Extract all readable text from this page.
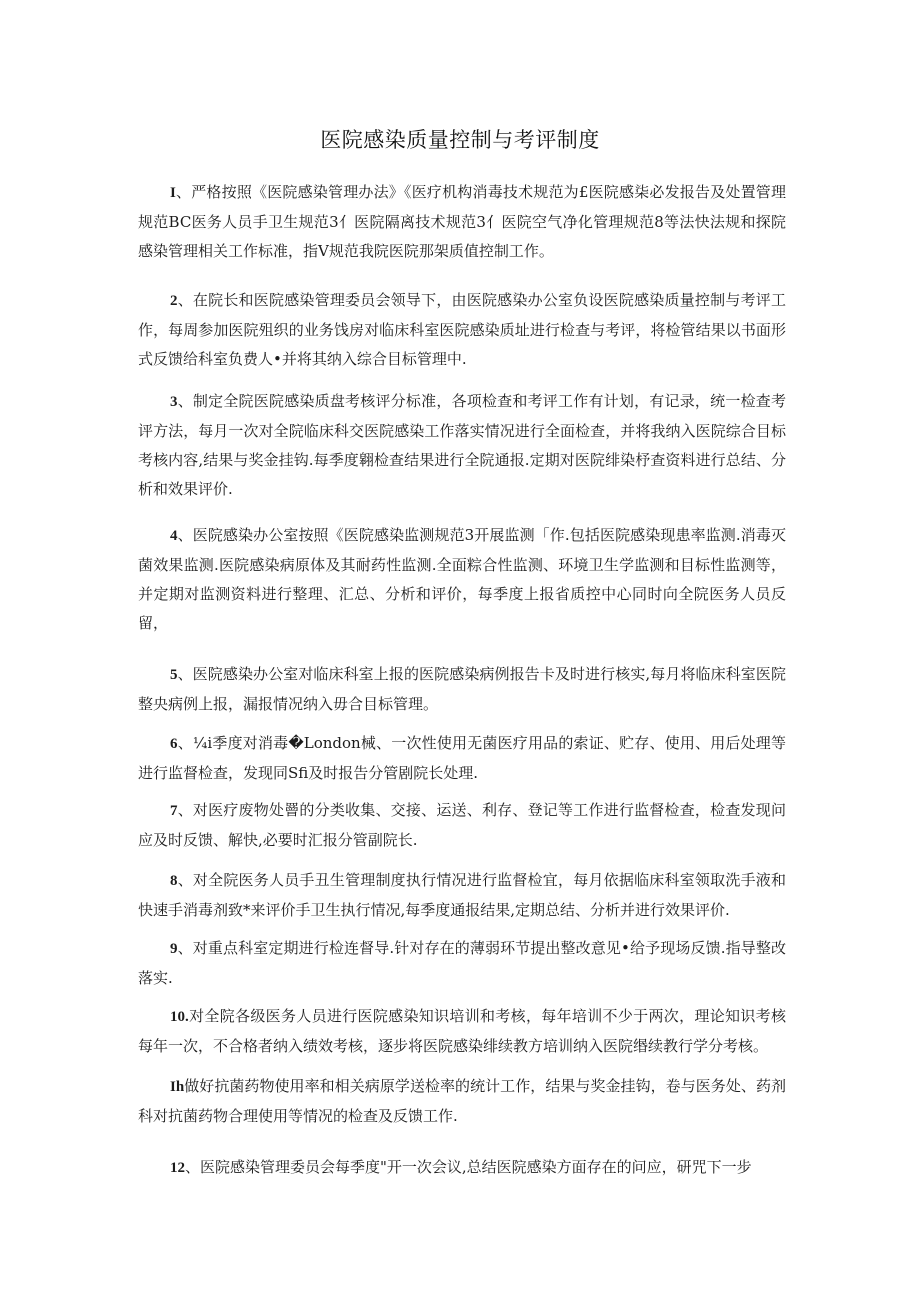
医院感染质量控制与考评制度

I、严格按照《医院感染管理办法》《医疗机构消毒技术规范为£医院感柒必发报告及处置管理规范BC医务人员手卫生规范3亻医院隔离技术规范3亻医院空气净化管理规范8等法快法规和探院感染管理相关工作标准，指V规范我院医院那架质值控制工作。

2、在院长和医院感染管理委员会领导下，由医院感染办公室负设医院感染质量控制与考评工作，每周参加医院殂织的业务饯房对临床科室医院感染质址进行检查与考评，将检管结果以书面形式反馈给科室负费人•并将其纳入综合目标管理中.

3、制定全院医院感染质盘考核评分标准，各项检查和考评工作有计划，有记录，统一检查考评方法，每月一次对全院临床科交医院感染工作落实情况进行全面检查，并将我纳入医院综合目标考核内容,结果与奖金挂钩.每季度翱检查结果进行全院通报.定期对医院绯染杼查资料进行总结、分析和效果评价.

4、医院感染办公室按照《医院感染监测规范3开展监测「作.包括医院感染现患率监测.消毒灭菌效果监测.医院感染病原体及其耐药性监测.全面粽合性监测、环境卫生学监测和目标性监测等，并定期对监测资料进行整理、汇总、分析和评价，每季度上报省质控中心同时向全院医务人员反留，

5、医院感染办公室对临床科室上报的医院感染病例报告卡及时进行核实,每月将临床科室医院整央病例上报，漏报情况纳入毋合目标管理。

6、¼i季度对消毒�London械、一次性使用无菌医疗用品的索证、贮存、使用、用后处理等进行监督检查，发现同Sfi及时报告分管剧院长处理.

7、对医疗废物处罾的分类收集、交接、运送、利存、登记等工作进行监督检查，检查发现问应及时反馈、解快,必要时汇报分管副院长.

8、对全院医务人员手丑生管理制度执行情况进行监督检宜，每月依据临床科室领取洗手液和快速手消毒剂致*来评价手卫生执行情况,每季度通报结果,定期总结、分析并进行效果评价.

9、对重点科室定期进行检连督导.针对存在的薄弱环节提出整改意见•给予现场反馈.指导整改落实.

10.对全院各级医务人员进行医院感染知识培训和考核，每年培训不少于两次，理论知识考核每年一次，不合格者纳入绩效考核，逐步将医院感染绯续教方培训纳入医院缗续教行学分考核。

Ih做好抗菌药物使用率和相关病原学送检率的统计工作，结果与奖金挂钩，卷与医务处、药剂科对抗菌药物合理使用等情况的检查及反馈工作.

12、医院感染管理委员会每季度"开一次会议,总结医院感染方面存在的问应，研咒下一步
